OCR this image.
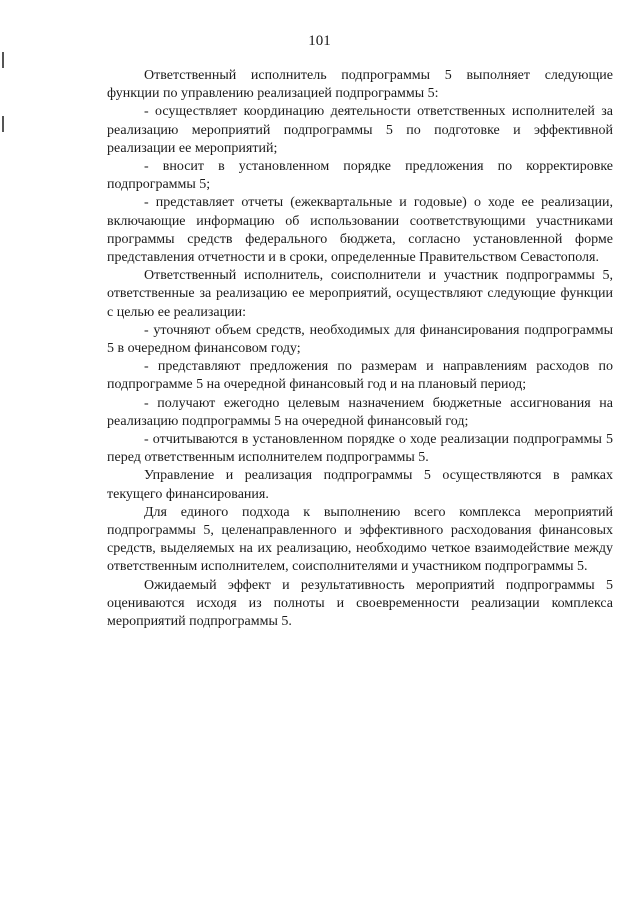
101

Ответственный исполнитель подпрограммы 5 выполняет следующие функции по управлению реализацией подпрограммы 5:

- осуществляет координацию деятельности ответственных исполнителей за реализацию мероприятий подпрограммы 5 по подготовке и эффективной реализации ее мероприятий;

- вносит в установленном порядке предложения по корректировке подпрограммы 5;

- представляет отчеты (ежеквартальные и годовые) о ходе ее реализации, включающие информацию об использовании соответствующими участниками программы средств федерального бюджета, согласно установленной форме представления отчетности и в сроки, определенные Правительством Севастополя.

Ответственный исполнитель, соисполнители и участник подпрограммы 5, ответственные за реализацию ее мероприятий, осуществляют следующие функции с целью ее реализации:

- уточняют объем средств, необходимых для финансирования подпрограммы 5 в очередном финансовом году;

- представляют предложения по размерам и направлениям расходов по подпрограмме 5 на очередной финансовый год и на плановый период;

- получают ежегодно целевым назначением бюджетные ассигнования на реализацию подпрограммы 5 на очередной финансовый год;

- отчитываются в установленном порядке о ходе реализации подпрограммы 5 перед ответственным исполнителем подпрограммы 5.

Управление и реализация подпрограммы 5 осуществляются в рамках текущего финансирования.

Для единого подхода к выполнению всего комплекса мероприятий подпрограммы 5, целенаправленного и эффективного расходования финансовых средств, выделяемых на их реализацию, необходимо четкое взаимодействие между ответственным исполнителем, соисполнителями и участником подпрограммы 5.

Ожидаемый эффект и результативность мероприятий подпрограммы 5 оцениваются исходя из полноты и своевременности реализации комплекса мероприятий подпрограммы 5.
